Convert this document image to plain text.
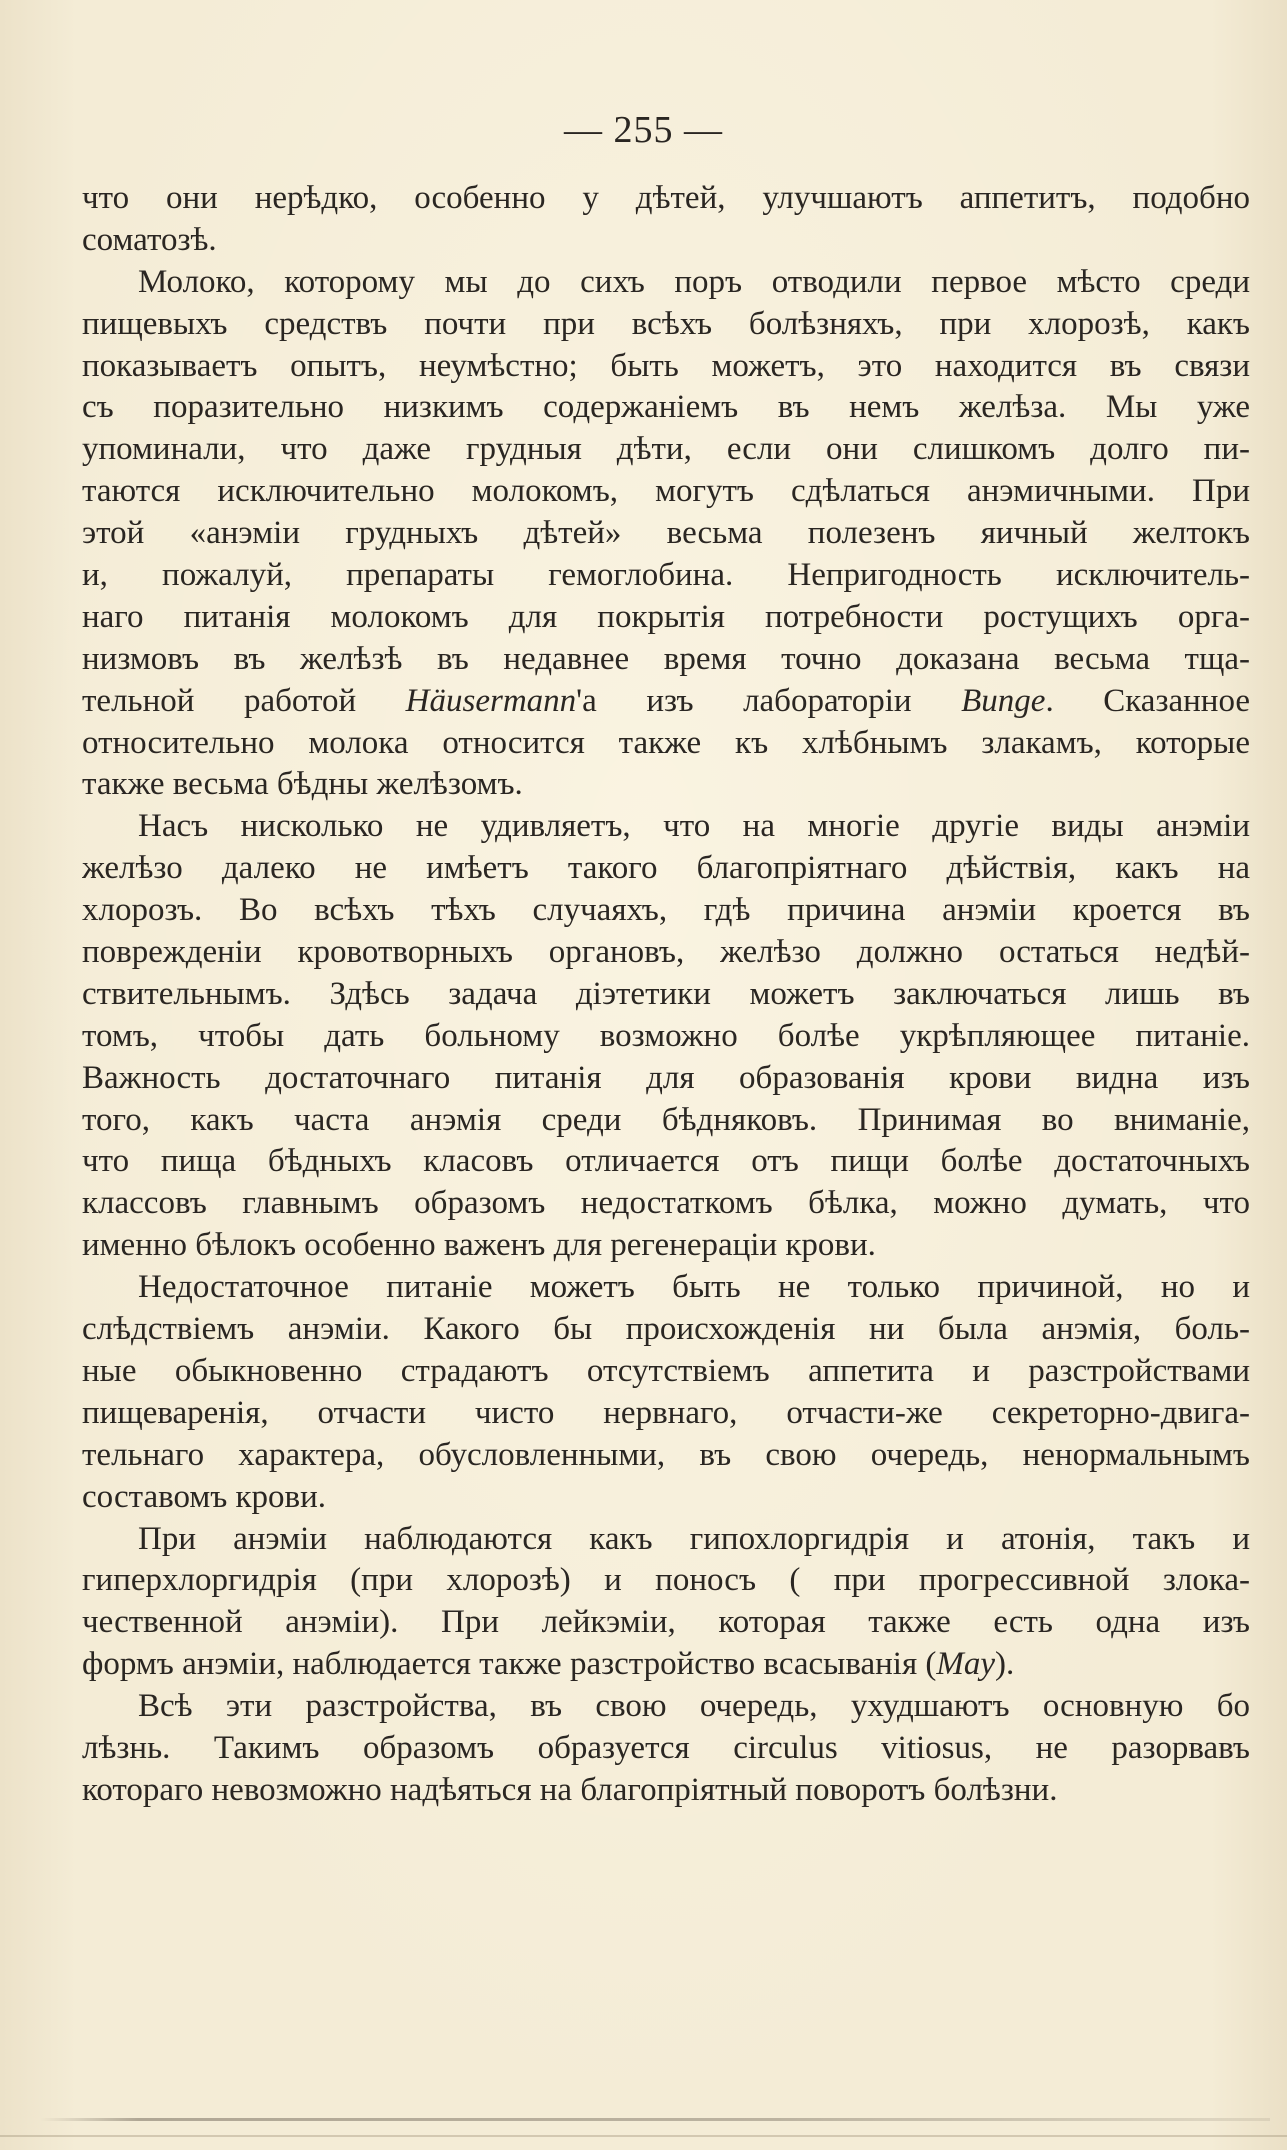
— 255 —
что они нерѣдко, особенно у дѣтей, улучшаютъ аппетитъ, подобно
соматозѣ.
Молоко, которому мы до сихъ поръ отводили первое мѣсто среди
пищевыхъ средствъ почти при всѣхъ болѣзняхъ, при хлорозѣ, какъ
показываетъ опытъ, неумѣстно; быть можетъ, это находится въ связи
съ поразительно низкимъ содержаніемъ въ немъ желѣза. Мы уже
упоминали, что даже грудныя дѣти, если они слишкомъ долго пи-
таются исключительно молокомъ, могутъ сдѣлаться анэмичными. При
этой «анэміи грудныхъ дѣтей» весьма полезенъ яичный желтокъ
и, пожалуй, препараты гемоглобина. Непригодность исключитель-
наго питанія молокомъ для покрытія потребности ростущихъ орга-
низмовъ въ желѣзѣ въ недавнее время точно доказана весьма тща-
тельной работой Häusermann'а изъ лабораторіи Bunge. Сказанное
относительно молока относится также къ хлѣбнымъ злакамъ, которые
также весьма бѣдны желѣзомъ.
Насъ нисколько не удивляетъ, что на многіе другіе виды анэміи
желѣзо далеко не имѣетъ такого благопріятнаго дѣйствія, какъ на
хлорозъ. Во всѣхъ тѣхъ случаяхъ, гдѣ причина анэміи кроется въ
поврежденіи кровотворныхъ органовъ, желѣзо должно остаться недѣй-
ствительнымъ. Здѣсь задача діэтетики можетъ заключаться лишь въ
томъ, чтобы дать больному возможно болѣе укрѣпляющее питаніе.
Важность достаточнаго питанія для образованія крови видна изъ
того, какъ часта анэмія среди бѣдняковъ. Принимая во вниманіе,
что пища бѣдныхъ класовъ отличается отъ пищи болѣе достаточныхъ
классовъ главнымъ образомъ недостаткомъ бѣлка, можно думать, что
именно бѣлокъ особенно важенъ для регенераціи крови.
Недостаточное питаніе можетъ быть не только причиной, но и
слѣдствіемъ анэміи. Какого бы происхожденія ни была анэмія, боль-
ные обыкновенно страдаютъ отсутствіемъ аппетита и разстройствами
пищеваренія, отчасти чисто нервнаго, отчасти-же секреторно-двига-
тельнаго характера, обусловленными, въ свою очередь, ненормальнымъ
составомъ крови.
При анэміи наблюдаются какъ гипохлоргидрія и атонія, такъ и
гиперхлоргидрія (при хлорозѣ) и поносъ ( при прогрессивной злока-
чественной анэміи). При лейкэміи, которая также есть одна изъ
формъ анэміи, наблюдается также разстройство всасыванія (May).
Всѣ эти разстройства, въ свою очередь, ухудшаютъ основную бо
лѣзнь. Такимъ образомъ образуется circulus vitiosus, не разорвавъ
котораго невозможно надѣяться на благопріятный поворотъ болѣзни.
